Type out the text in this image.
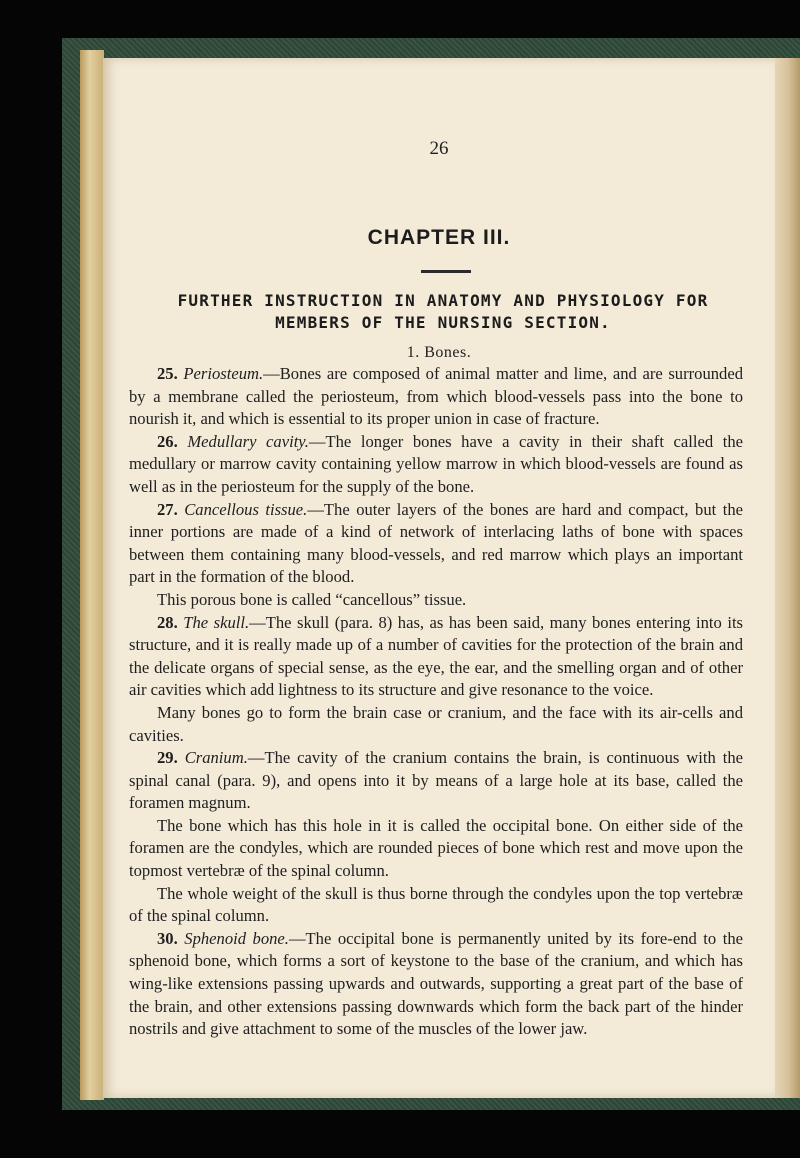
26
CHAPTER III.
FURTHER INSTRUCTION IN ANATOMY AND PHYSIOLOGY FOR MEMBERS OF THE NURSING SECTION.
1. Bones.

25. Periosteum.—Bones are composed of animal matter and lime, and are surrounded by a membrane called the periosteum, from which blood-vessels pass into the bone to nourish it, and which is essential to its proper union in case of fracture.

26. Medullary cavity.—The longer bones have a cavity in their shaft called the medullary or marrow cavity containing yellow marrow in which blood-vessels are found as well as in the periosteum for the supply of the bone.

27. Cancellous tissue.—The outer layers of the bones are hard and compact, but the inner portions are made of a kind of network of interlacing laths of bone with spaces between them containing many blood-vessels, and red marrow which plays an important part in the formation of the blood.

This porous bone is called “cancellous” tissue.

28. The skull.—The skull (para. 8) has, as has been said, many bones entering into its structure, and it is really made up of a number of cavities for the protection of the brain and the delicate organs of special sense, as the eye, the ear, and the smelling organ and of other air cavities which add lightness to its structure and give resonance to the voice.

Many bones go to form the brain case or cranium, and the face with its air-cells and cavities.

29. Cranium.—The cavity of the cranium contains the brain, is continuous with the spinal canal (para. 9), and opens into it by means of a large hole at its base, called the foramen magnum.

The bone which has this hole in it is called the occipital bone. On either side of the foramen are the condyles, which are rounded pieces of bone which rest and move upon the topmost vertebræ of the spinal column.

The whole weight of the skull is thus borne through the condyles upon the top vertebræ of the spinal column.

30. Sphenoid bone.—The occipital bone is permanently united by its fore-end to the sphenoid bone, which forms a sort of keystone to the base of the cranium, and which has wing-like extensions passing upwards and outwards, supporting a great part of the base of the brain, and other extensions passing downwards which form the back part of the hinder nostrils and give attachment to some of the muscles of the lower jaw.
